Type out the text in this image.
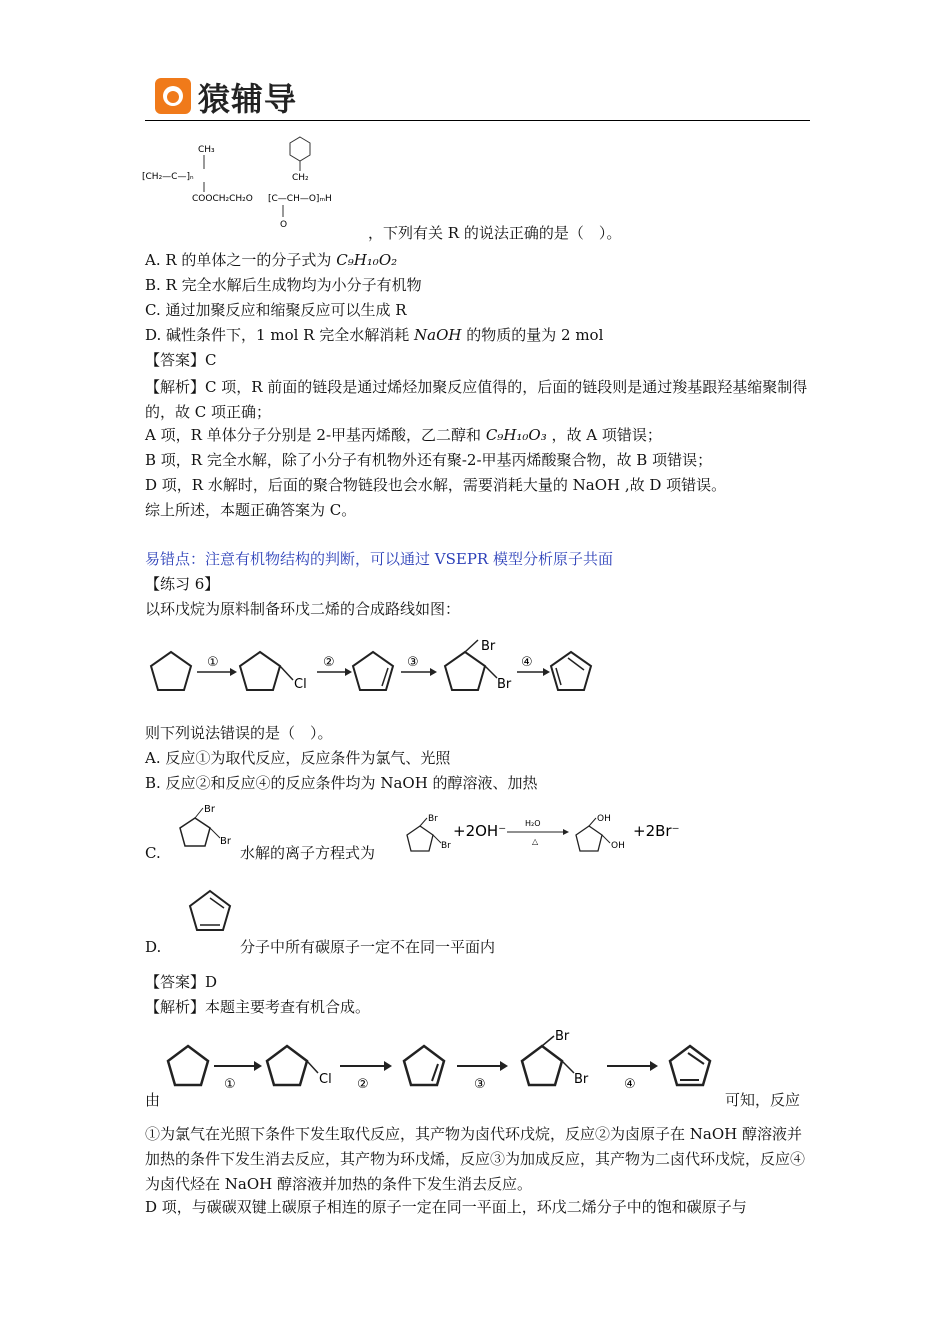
猿辅导
CH₃
CH₂
[CH₂—C—]ₙ
COOCH₂CH₂O [C—CH—O]ₘH
O	，下列有关 R 的说法正确的是（　）。
A. R 的单体之一的分子式为 C₉H₁₀O₂
B. R 完全水解后生成物均为小分子有机物
C. 通过加聚反应和缩聚反应可以生成 R
D. 碱性条件下，1 mol R 完全水解消耗 NaOH 的物质的量为 2 mol
【答案】C
【解析】C 项，R 前面的链段是通过烯烃加聚反应值得的，后面的链段则是通过羧基跟羟基缩聚制得的，故 C 项正确；
A 项，R 单体分子分别是 2-甲基丙烯酸，乙二醇和 C₉H₁₀O₃ ，故 A 项错误；
B 项，R 完全水解，除了小分子有机物外还有聚-2-甲基丙烯酸聚合物，故 B 项错误；
D 项，R 水解时，后面的聚合物链段也会水解，需要消耗大量的 NaOH ,故 D 项错误。
综上所述，本题正确答案为 C。
易错点：注意有机物结构的判断，可以通过 VSEPR 模型分析原子共面
【练习 6】
以环戊烷为原料制备环戊二烯的合成路线如图：
①
Cl
②	③
Br
Br
④
则下列说法错误的是（　）。
A. 反应①为取代反应，反应条件为氯气、光照
B. 反应②和反应④的反应条件均为 NaOH 的醇溶液、加热
C.
Br
Br
水解的离子方程式为
Br
Br
+2OH⁻ H₂O
△
OH
OH
+2Br⁻
D.	分子中所有碳原子一定不在同一平面内
【答案】D
【解析】本题主要考查有机合成。
由
①	Cl ②	③
Br
Br	④
可知，反应
①为氯气在光照下条件下发生取代反应，其产物为卤代环戊烷，反应②为卤原子在 NaOH 醇溶液并加热的条件下发生消去反应，其产物为环戊烯，反应③为加成反应，其产物为二卤代环戊烷，反应④为卤代烃在 NaOH 醇溶液并加热的条件下发生消去反应。
D 项，与碳碳双键上碳原子相连的原子一定在同一平面上，环戊二烯分子中的饱和碳原子与
